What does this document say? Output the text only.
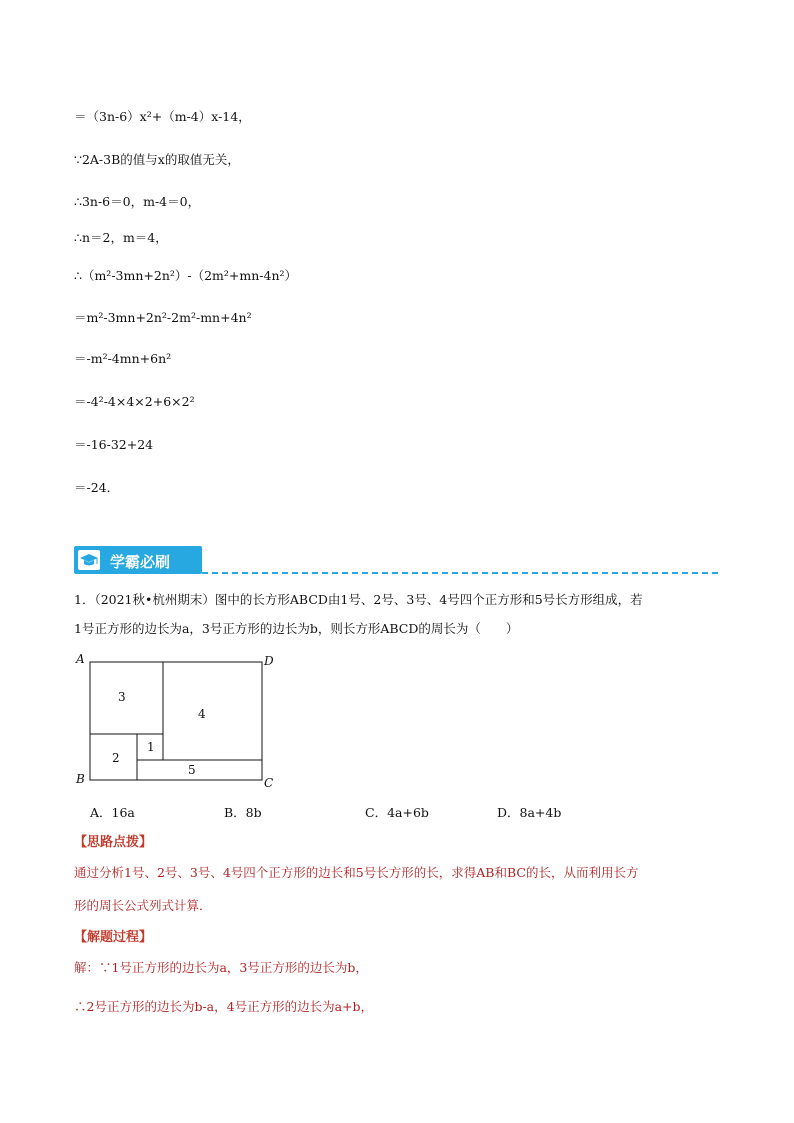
＝（3n-6）x²+（m-4）x-14，
∵2A-3B的值与x的取值无关，
∴3n-6＝0，m-4＝0，
∴n＝2，m＝4，
∴（m²-3mn+2n²）-（2m²+mn-4n²）
＝m²-3mn+2n²-2m²-mn+4n²
＝-m²-4mn+6n²
＝-4²-4×4×2+6×2²
＝-16-32+24
＝-24．
学霸必刷
1．（2021秋•杭州期末）图中的长方形ABCD由1号、2号、3号、4号四个正方形和5号长方形组成，若
1号正方形的边长为a，3号正方形的边长为b，则长方形ABCD的周长为（　　）
A	D
B	C
3
4
2
1
5
A．16a	B．8b	C．4a+6b	D．8a+4b
【思路点拨】
通过分析1号、2号、3号、4号四个正方形的边长和5号长方形的长，求得AB和BC的长，从而利用长方
形的周长公式列式计算．
【解题过程】
解：∵1号正方形的边长为a，3号正方形的边长为b，
∴2号正方形的边长为b-a，4号正方形的边长为a+b，
